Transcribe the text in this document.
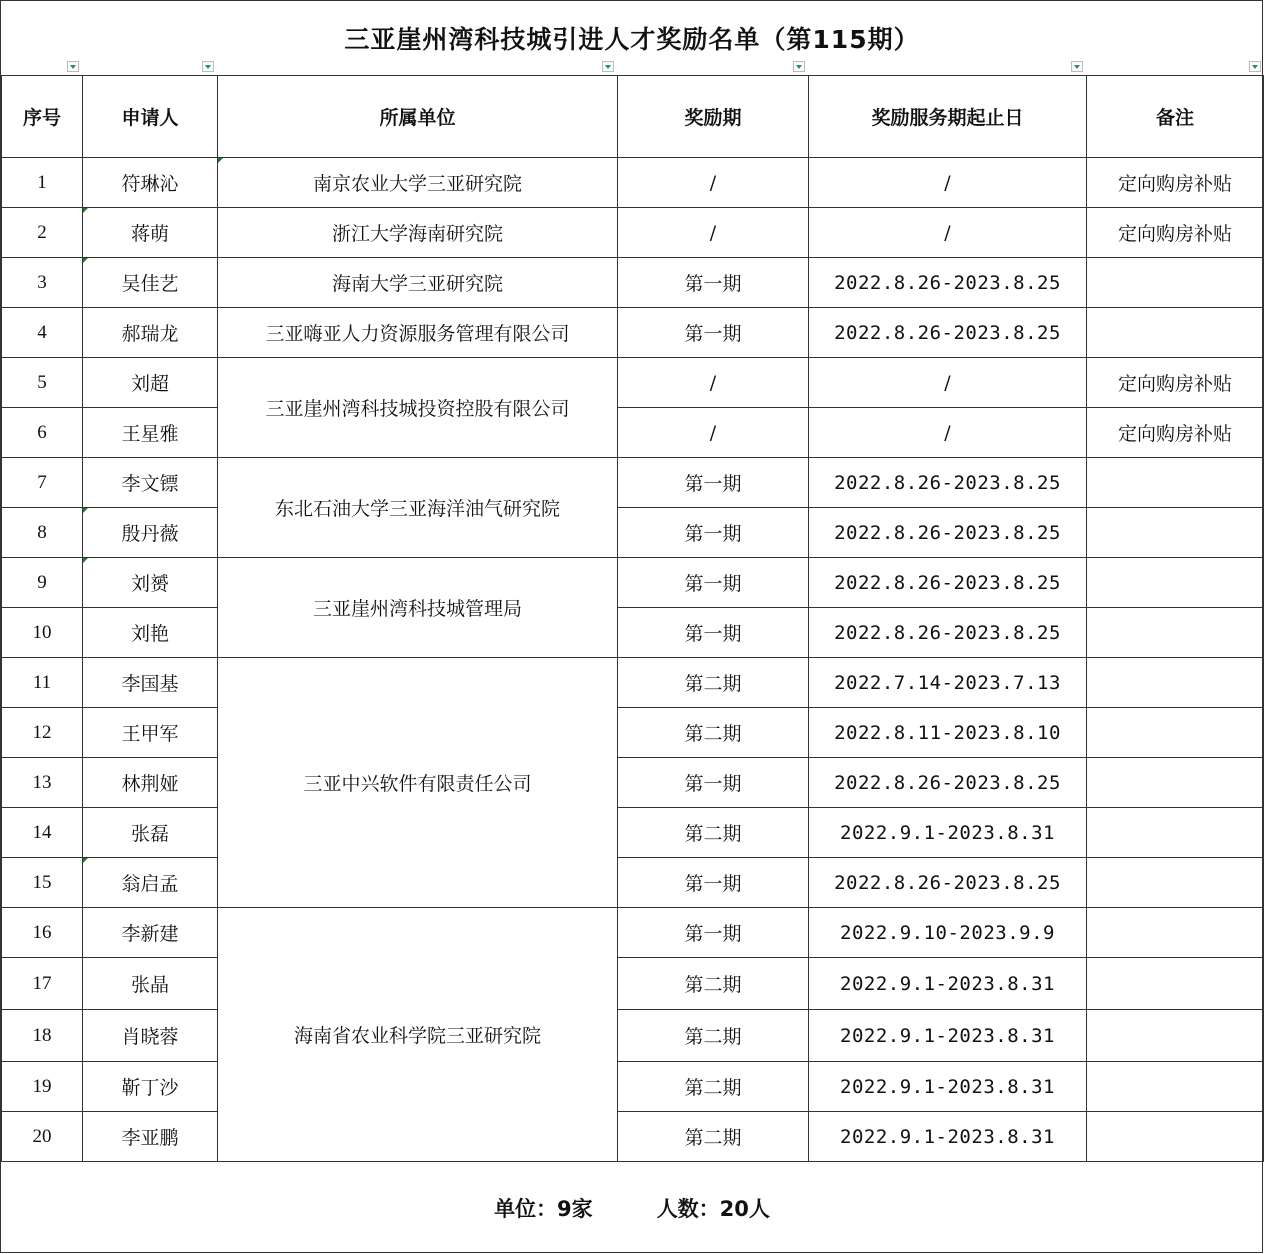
三亚崖州湾科技城引进人才奖励名单（第115期）
序号	申请人	所属单位	奖励期	奖励服务期起止日	备注
1	符琳沁	南京农业大学三亚研究院	/	/	定向购房补贴
2	蒋萌	浙江大学海南研究院	/	/	定向购房补贴
3	吴佳艺	海南大学三亚研究院	第一期	2022.8.26-2023.8.25	
4	郝瑞龙	三亚嗨亚人力资源服务管理有限公司	第一期	2022.8.26-2023.8.25	
5	刘超	三亚崖州湾科技城投资控股有限公司	/	/	定向购房补贴
6	王星雅		/	/	定向购房补贴
7	李文镖	东北石油大学三亚海洋油气研究院	第一期	2022.8.26-2023.8.25	
8	殷丹薇		第一期	2022.8.26-2023.8.25	
9	刘赟	三亚崖州湾科技城管理局	第一期	2022.8.26-2023.8.25	
10	刘艳		第一期	2022.8.26-2023.8.25	
11	李国基	三亚中兴软件有限责任公司	第二期	2022.7.14-2023.7.13	
12	王甲军		第二期	2022.8.11-2023.8.10	
13	林荆娅		第一期	2022.8.26-2023.8.25	
14	张磊		第二期	2022.9.1-2023.8.31	
15	翁启孟		第一期	2022.8.26-2023.8.25	
16	李新建	海南省农业科学院三亚研究院	第一期	2022.9.10-2023.9.9	
17	张晶		第二期	2022.9.1-2023.8.31	
18	肖晓蓉		第二期	2022.9.1-2023.8.31	
19	靳丁沙		第二期	2022.9.1-2023.8.31	
20	李亚鹏		第二期	2022.9.1-2023.8.31	
单位：9家	人数：20人
